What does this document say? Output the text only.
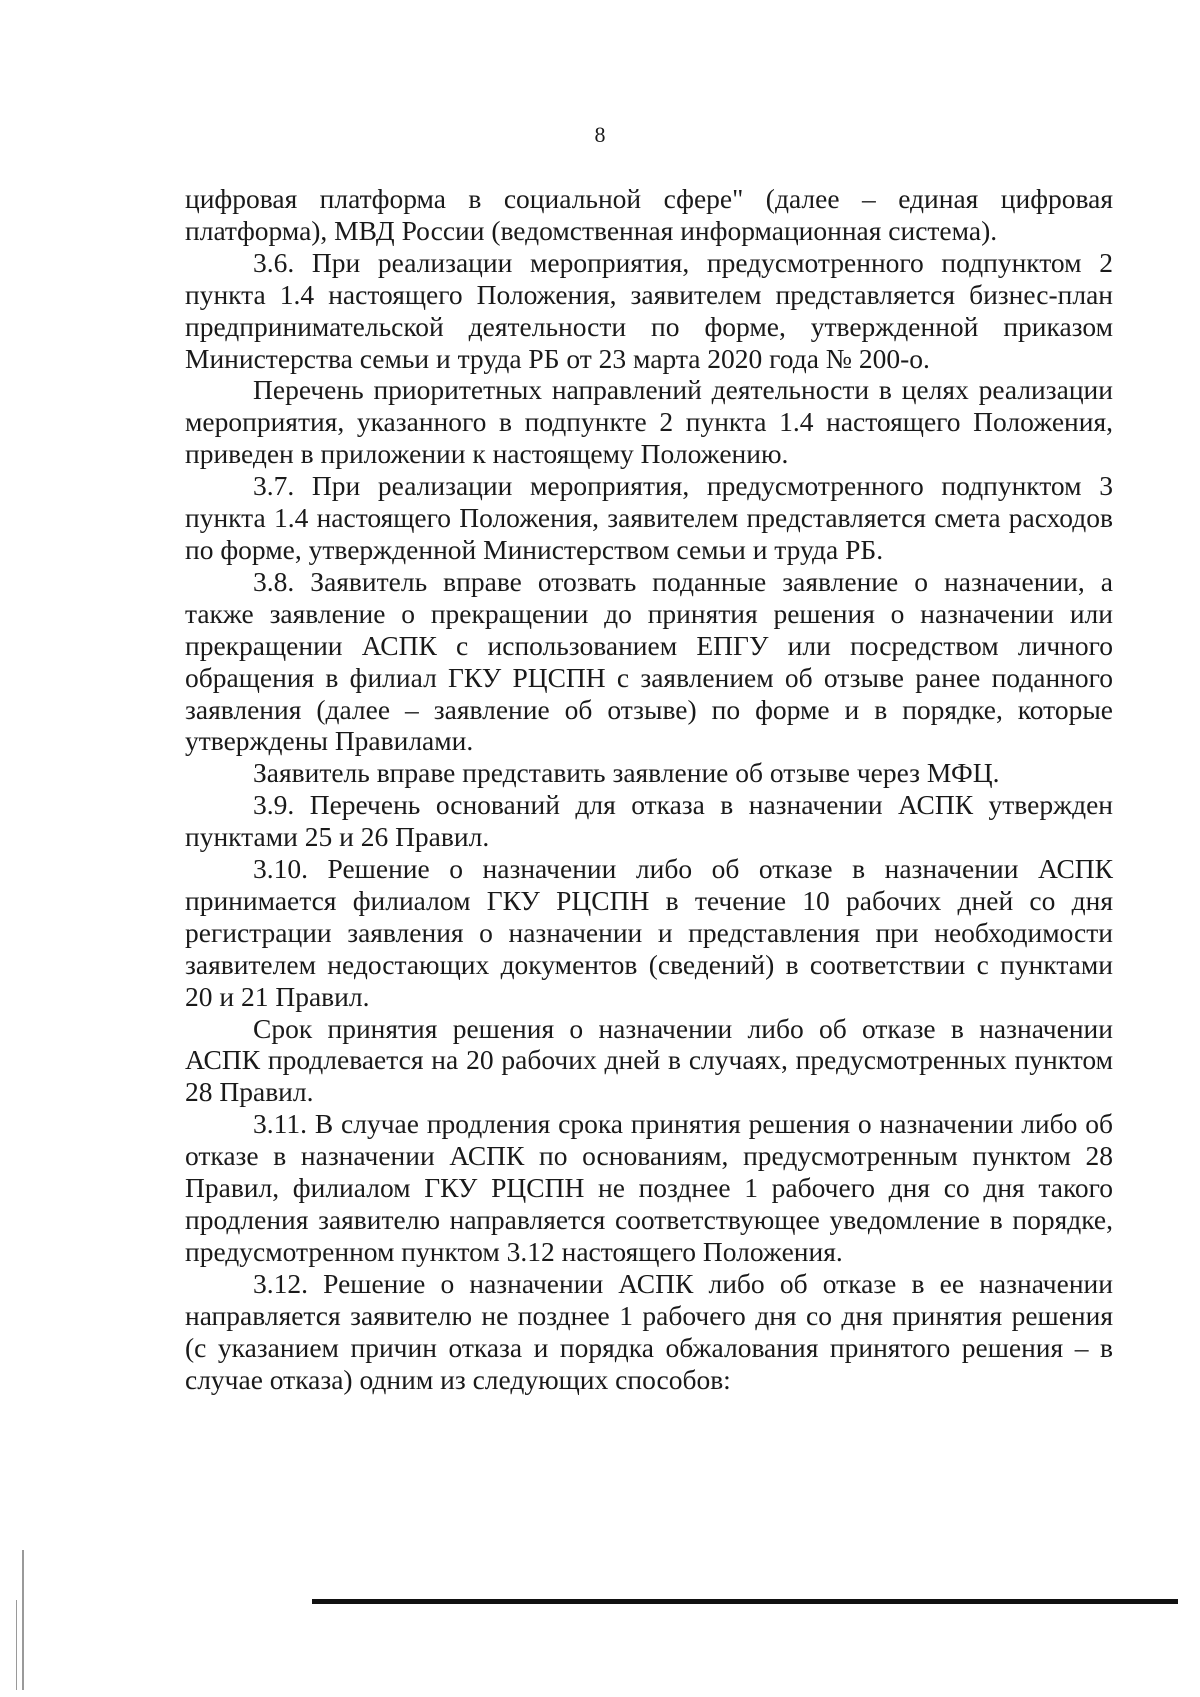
8

цифровая платформа в социальной сфере" (далее – единая цифровая платформа), МВД России (ведомственная информационная система).

3.6. При реализации мероприятия, предусмотренного подпунктом 2 пункта 1.4 настоящего Положения, заявителем представляется бизнес-план предпринимательской деятельности по форме, утвержденной приказом Министерства семьи и труда РБ от 23 марта 2020 года № 200-о.

Перечень приоритетных направлений деятельности в целях реализации мероприятия, указанного в подпункте 2 пункта 1.4 настоящего Положения, приведен в приложении к настоящему Положению.

3.7. При реализации мероприятия, предусмотренного подпунктом 3 пункта 1.4 настоящего Положения, заявителем представляется смета расходов по форме, утвержденной Министерством семьи и труда РБ.

3.8. Заявитель вправе отозвать поданные заявление о назначении, а также заявление о прекращении до принятия решения о назначении или прекращении АСПК с использованием ЕПГУ или посредством личного обращения в филиал ГКУ РЦСПН с заявлением об отзыве ранее поданного заявления (далее – заявление об отзыве) по форме и в порядке, которые утверждены Правилами.

Заявитель вправе представить заявление об отзыве через МФЦ.

3.9. Перечень оснований для отказа в назначении АСПК утвержден пунктами 25 и 26 Правил.

3.10. Решение о назначении либо об отказе в назначении АСПК принимается филиалом ГКУ РЦСПН в течение 10 рабочих дней со дня регистрации заявления о назначении и представления при необходимости заявителем недостающих документов (сведений) в соответствии с пунктами 20 и 21 Правил.

Срок принятия решения о назначении либо об отказе в назначении АСПК продлевается на 20 рабочих дней в случаях, предусмотренных пунктом 28 Правил.

3.11. В случае продления срока принятия решения о назначении либо об отказе в назначении АСПК по основаниям, предусмотренным пунктом 28 Правил, филиалом ГКУ РЦСПН не позднее 1 рабочего дня со дня такого продления заявителю направляется соответствующее уведомление в порядке, предусмотренном пунктом 3.12 настоящего Положения.

3.12. Решение о назначении АСПК либо об отказе в ее назначении направляется заявителю не позднее 1 рабочего дня со дня принятия решения (с указанием причин отказа и порядка обжалования принятого решения – в случае отказа) одним из следующих способов:
